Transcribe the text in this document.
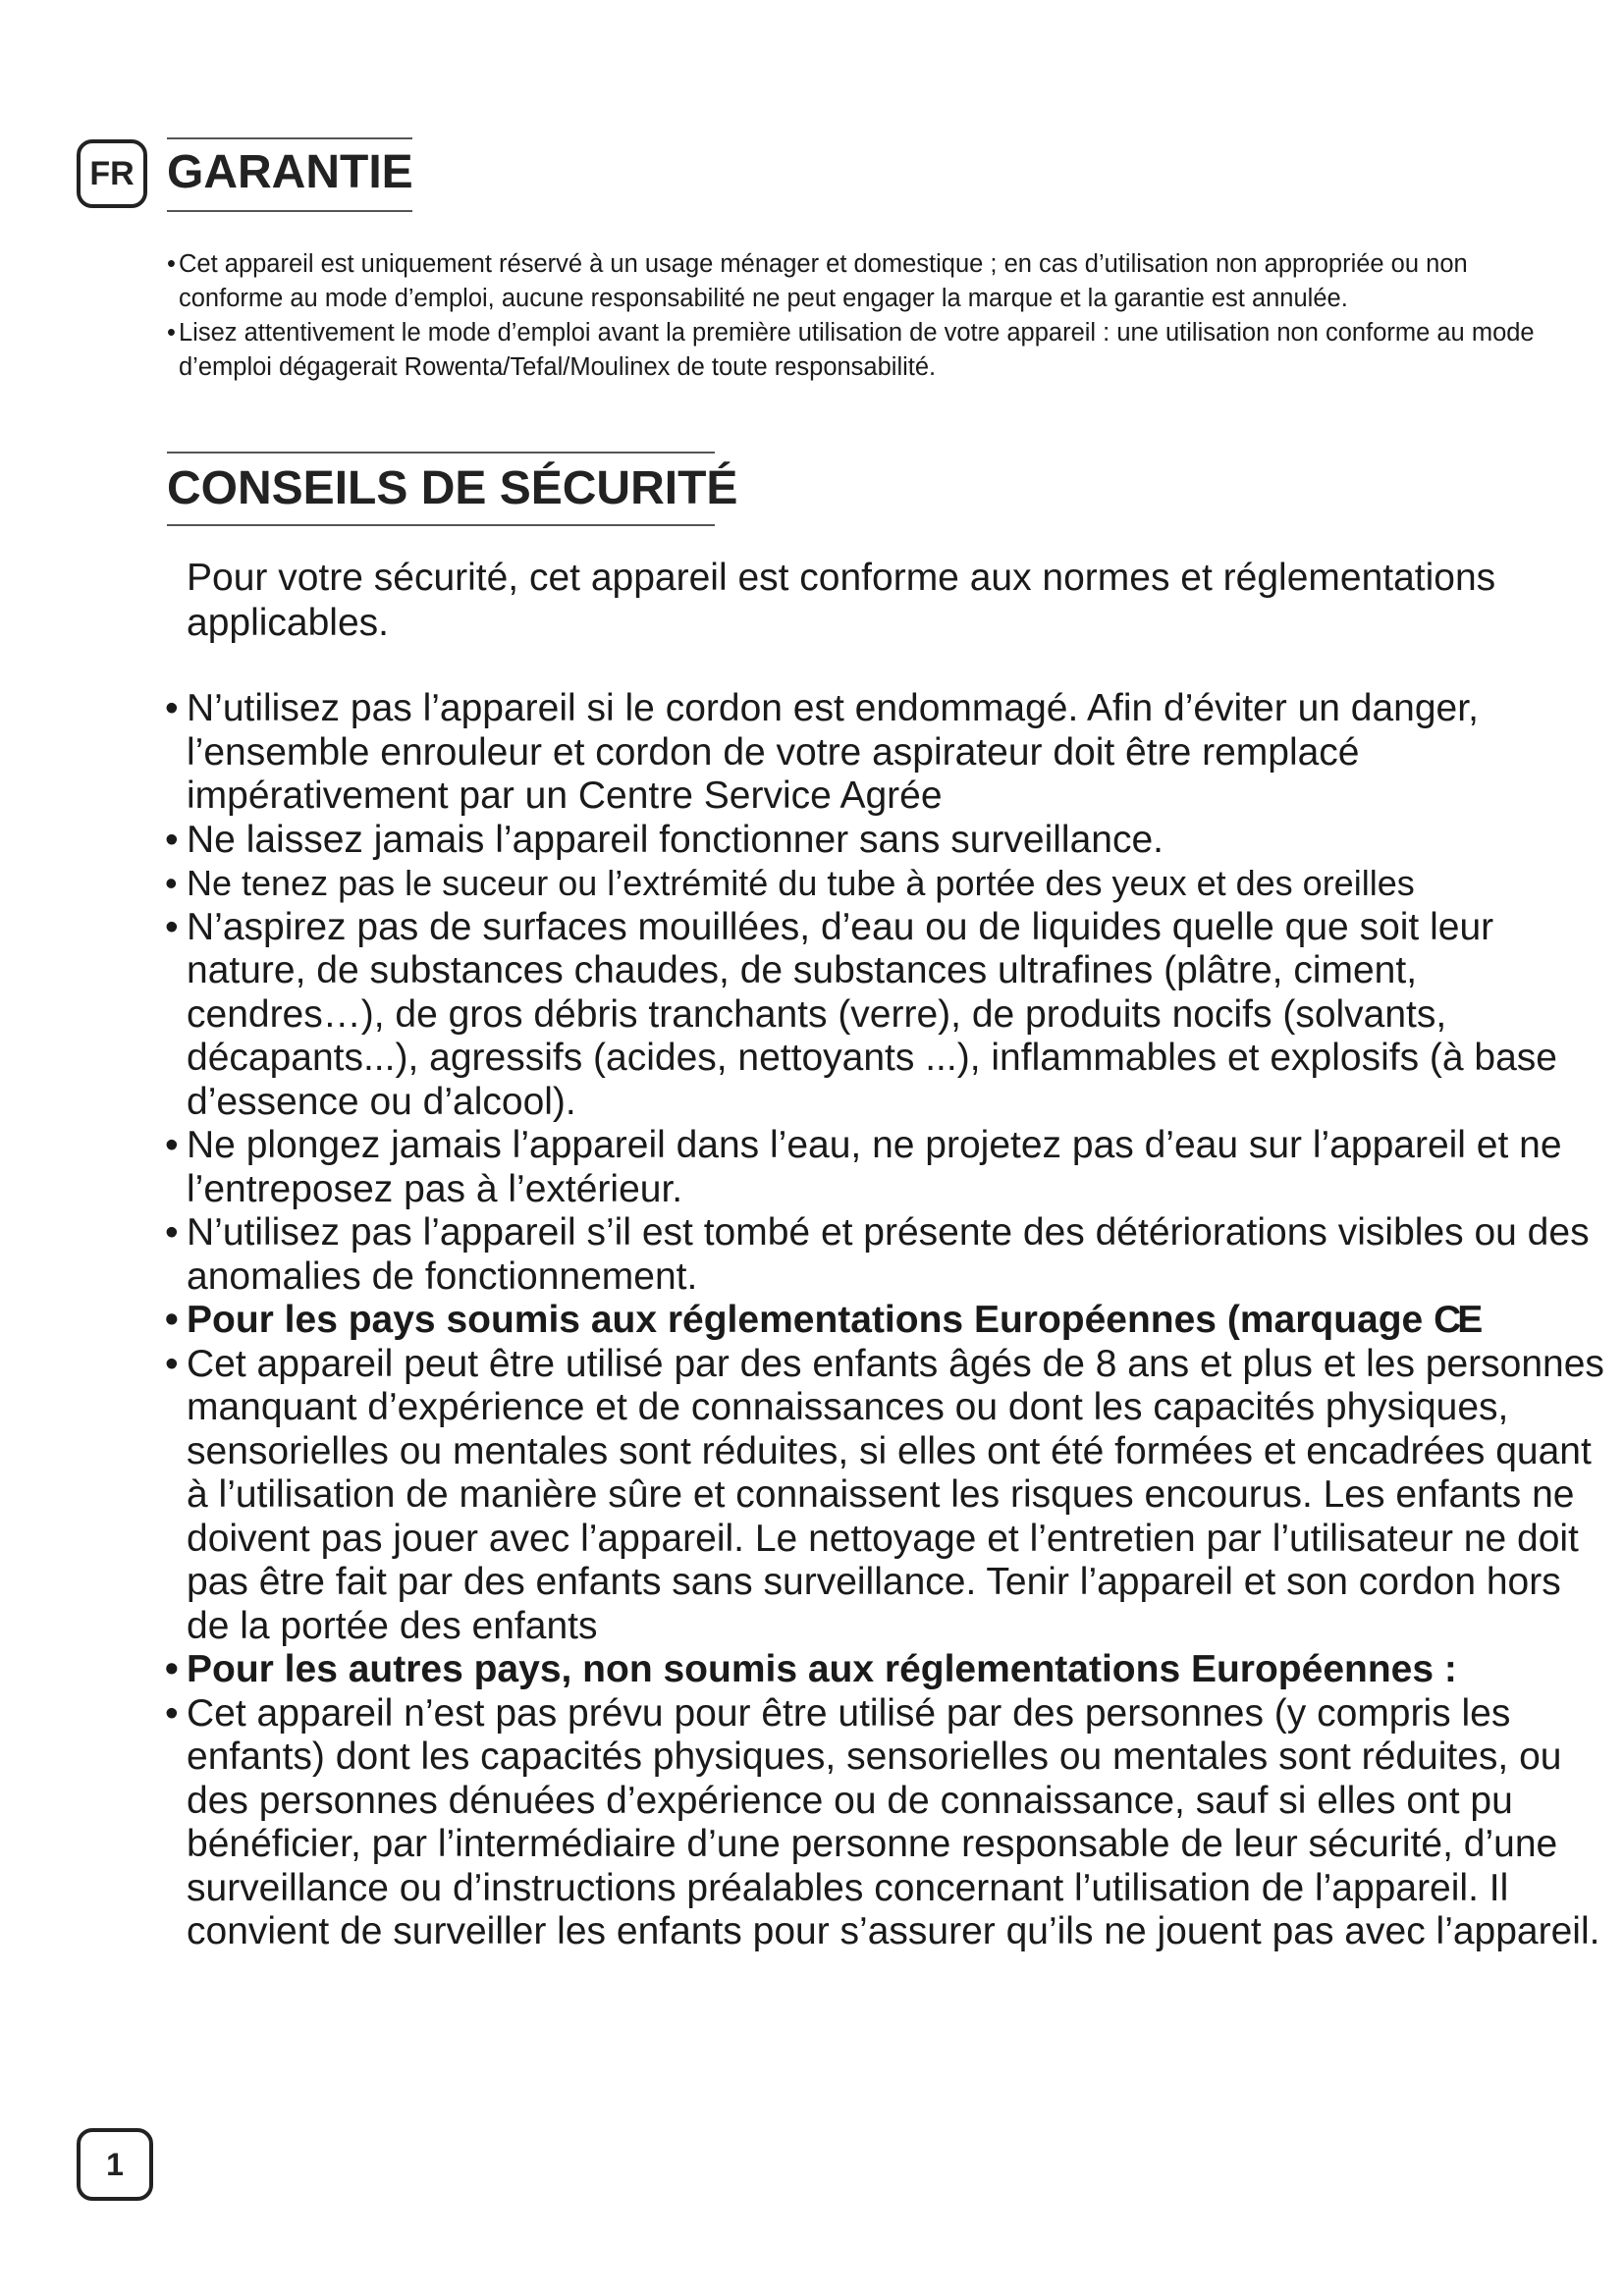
FR GARANTIE
• Cet appareil est uniquement réservé à un usage ménager et domestique ; en cas d’utilisation non appropriée ou non conforme au mode d’emploi, aucune responsabilité ne peut engager la marque et la garantie est annulée.
• Lisez attentivement le mode d’emploi avant la première utilisation de votre appareil : une utilisation non conforme au mode d’emploi dégagerait Rowenta/Tefal/Moulinex de toute responsabilité.
CONSEILS DE SÉCURITÉ

Pour votre sécurité, cet appareil est conforme aux normes et réglementations applicables.

• N’utilisez pas l’appareil si le cordon est endommagé. Afin d’éviter un danger, l’ensemble enrouleur et cordon de votre aspirateur doit être remplacé impérativement par un Centre Service Agrée
• Ne laissez jamais l’appareil fonctionner sans surveillance.
• Ne tenez pas le suceur ou l’extrémité du tube à portée des yeux et des oreilles
• N’aspirez pas de surfaces mouillées, d’eau ou de liquides quelle que soit leur nature, de substances chaudes, de substances ultrafines (plâtre, ciment, cendres…), de gros débris tranchants (verre), de produits nocifs (solvants, décapants...), agressifs (acides, nettoyants ...), inflammables et explosifs (à base d’essence ou d’alcool).
• Ne plongez jamais l’appareil dans l’eau, ne projetez pas d’eau sur l’appareil et ne l’entreposez pas à l’extérieur.
• N’utilisez pas l’appareil s’il est tombé et présente des détériorations visibles ou des anomalies de fonctionnement.
• Pour les pays soumis aux réglementations Européennes (marquage CE
• Cet appareil peut être utilisé par des enfants âgés de 8 ans et plus et les personnes manquant d’expérience et de connaissances ou dont les capacités physiques, sensorielles ou mentales sont réduites, si elles ont été formées et encadrées quant à l’utilisation de manière sûre et connaissent les risques encourus. Les enfants ne doivent pas jouer avec l’appareil. Le nettoyage et l’entretien par l’utilisateur ne doit pas être fait par des enfants sans surveillance. Tenir l’appareil et son cordon hors de la portée des enfants
• Pour les autres pays, non soumis aux réglementations Européennes :
• Cet appareil n’est pas prévu pour être utilisé par des personnes (y compris les enfants) dont les capacités physiques, sensorielles ou mentales sont réduites, ou des personnes dénuées d’expérience ou de connaissance, sauf si elles ont pu bénéficier, par l’intermédiaire d’une personne responsable de leur sécurité, d’une surveillance ou d’instructions préalables concernant l’utilisation de l’appareil. Il convient de surveiller les enfants pour s’assurer qu’ils ne jouent pas avec l’appareil.
1
